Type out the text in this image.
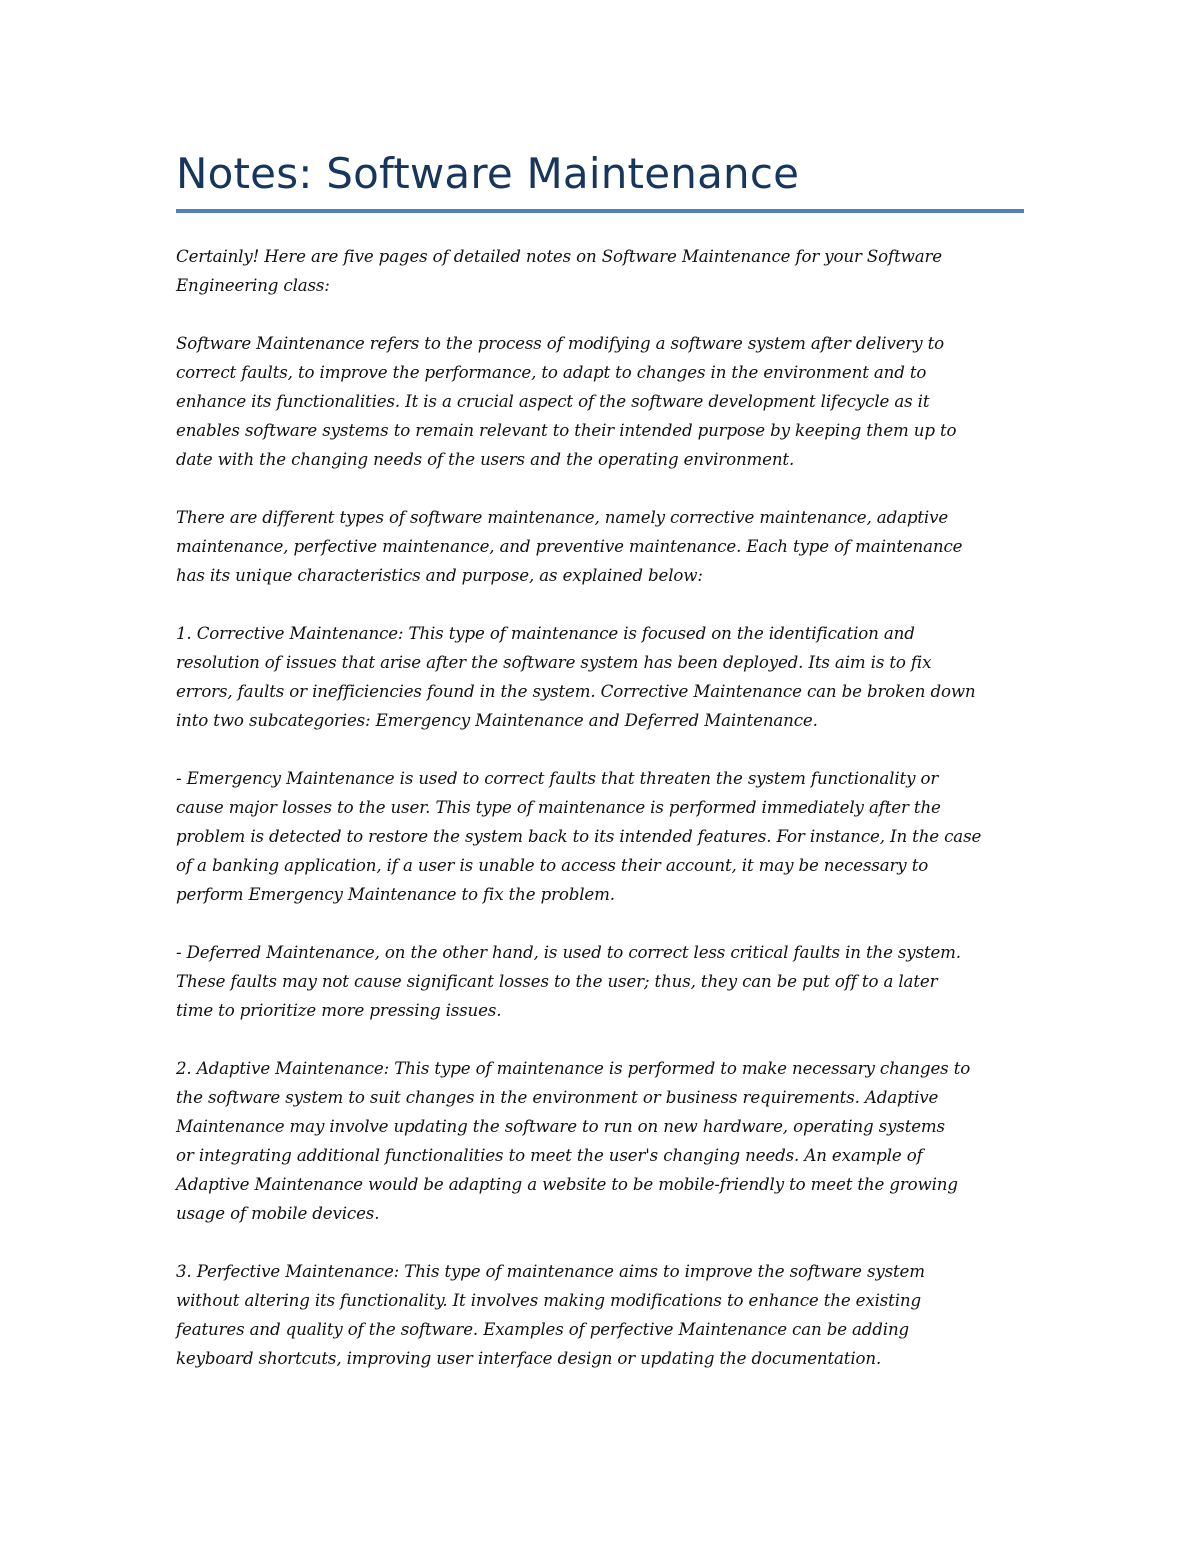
Notes: Software Maintenance
Certainly! Here are five pages of detailed notes on Software Maintenance for your Software
Engineering class:
Software Maintenance refers to the process of modifying a software system after delivery to
correct faults, to improve the performance, to adapt to changes in the environment and to
enhance its functionalities. It is a crucial aspect of the software development lifecycle as it
enables software systems to remain relevant to their intended purpose by keeping them up to
date with the changing needs of the users and the operating environment.
There are different types of software maintenance, namely corrective maintenance, adaptive
maintenance, perfective maintenance, and preventive maintenance. Each type of maintenance
has its unique characteristics and purpose, as explained below:
1. Corrective Maintenance: This type of maintenance is focused on the identification and
resolution of issues that arise after the software system has been deployed. Its aim is to fix
errors, faults or inefficiencies found in the system. Corrective Maintenance can be broken down
into two subcategories: Emergency Maintenance and Deferred Maintenance.
- Emergency Maintenance is used to correct faults that threaten the system functionality or
cause major losses to the user. This type of maintenance is performed immediately after the
problem is detected to restore the system back to its intended features. For instance, In the case
of a banking application, if a user is unable to access their account, it may be necessary to
perform Emergency Maintenance to fix the problem.
- Deferred Maintenance, on the other hand, is used to correct less critical faults in the system.
These faults may not cause significant losses to the user; thus, they can be put off to a later
time to prioritize more pressing issues.
2. Adaptive Maintenance: This type of maintenance is performed to make necessary changes to
the software system to suit changes in the environment or business requirements. Adaptive
Maintenance may involve updating the software to run on new hardware, operating systems
or integrating additional functionalities to meet the user's changing needs. An example of
Adaptive Maintenance would be adapting a website to be mobile-friendly to meet the growing
usage of mobile devices.
3. Perfective Maintenance: This type of maintenance aims to improve the software system
without altering its functionality. It involves making modifications to enhance the existing
features and quality of the software. Examples of perfective Maintenance can be adding
keyboard shortcuts, improving user interface design or updating the documentation.
